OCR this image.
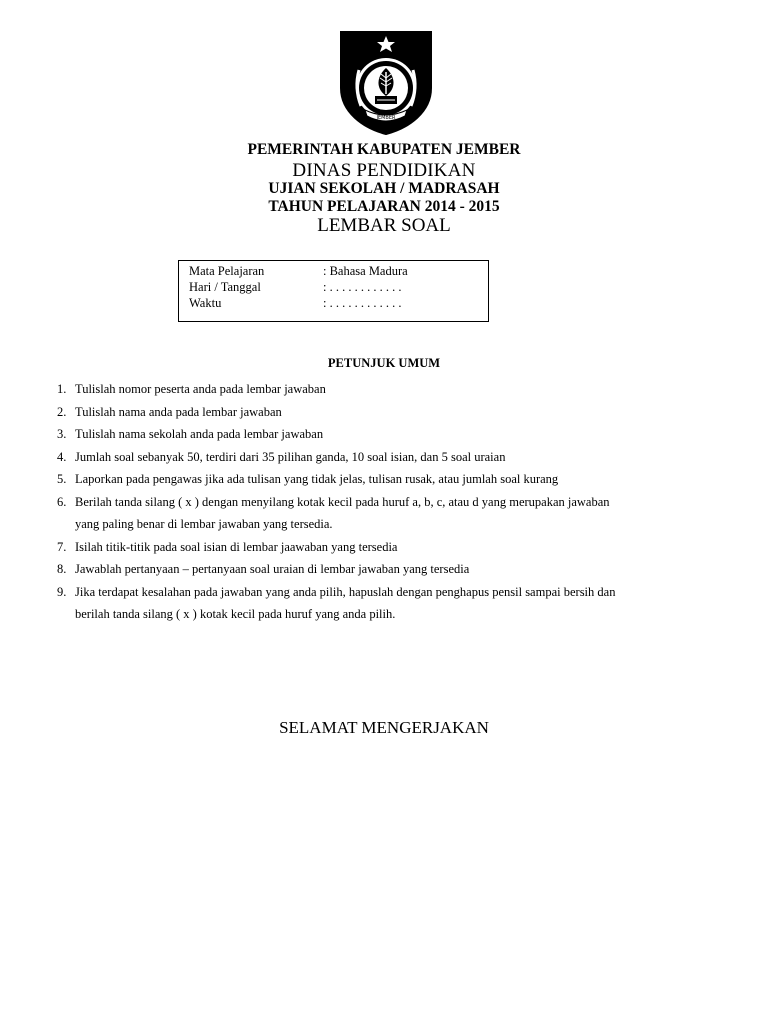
JEMBER
PEMERINTAH KABUPATEN JEMBER
DINAS PENDIDIKAN
UJIAN SEKOLAH / MADRASAH
TAHUN PELAJARAN 2014 - 2015
LEMBAR SOAL
Mata Pelajaran	: Bahasa Madura
Hari / Tanggal	: . . . . . . . . . . . .
Waktu	: . . . . . . . . . . . .
PETUNJUK UMUM
1. Tulislah nomor peserta anda pada lembar jawaban
2. Tulislah nama anda pada lembar jawaban
3. Tulislah nama sekolah anda pada lembar jawaban
4. Jumlah soal sebanyak 50, terdiri dari 35 pilihan ganda, 10 soal isian, dan 5 soal uraian
5. Laporkan pada pengawas jika ada tulisan yang tidak jelas, tulisan rusak, atau jumlah soal kurang
6. Berilah tanda silang ( x ) dengan menyilang kotak kecil pada huruf a, b, c, atau d yang merupakan jawaban
yang paling benar di lembar jawaban yang tersedia.
7. Isilah titik-titik pada soal isian di lembar jaawaban yang tersedia
8. Jawablah pertanyaan – pertanyaan soal uraian di lembar jawaban yang tersedia
9. Jika terdapat kesalahan pada jawaban yang anda pilih, hapuslah dengan penghapus pensil sampai bersih dan
berilah tanda silang ( x ) kotak kecil pada huruf yang anda pilih.
SELAMAT MENGERJAKAN
